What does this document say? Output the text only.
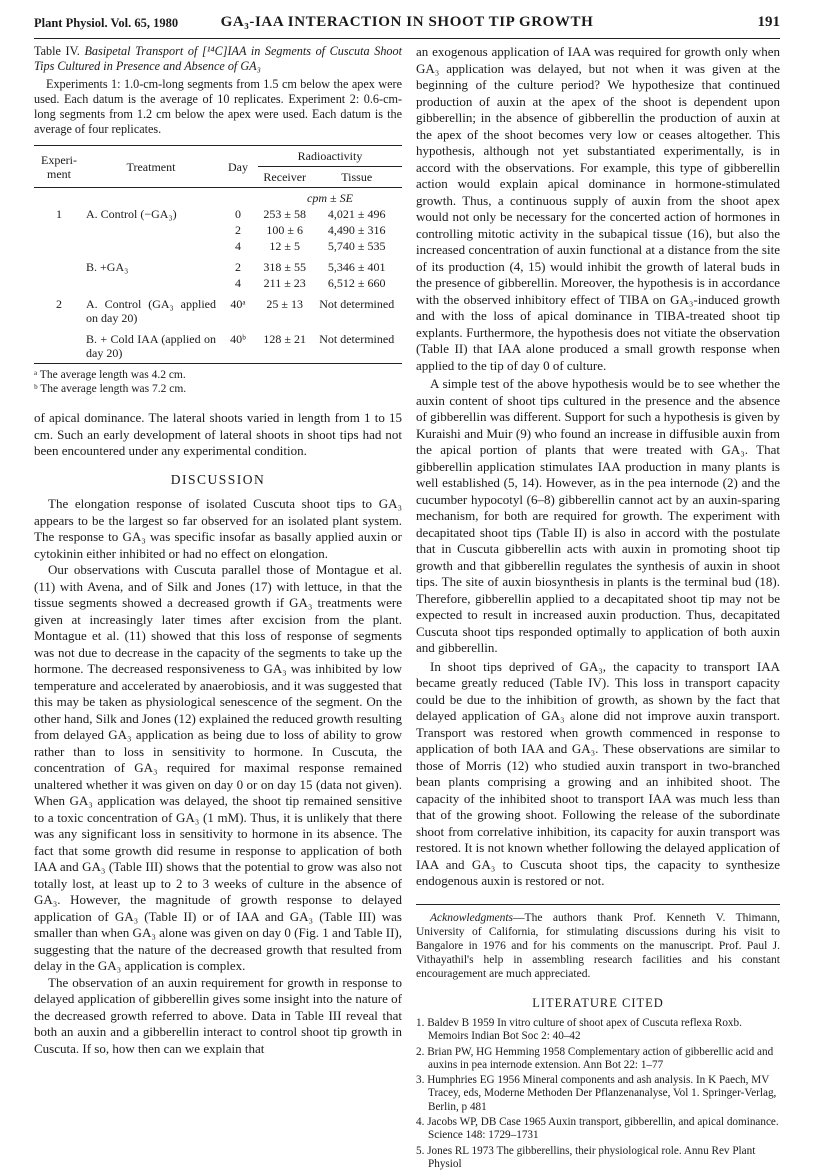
Plant Physiol. Vol. 65, 1980	GA₃-IAA INTERACTION IN SHOOT TIP GROWTH	191

Table IV. Basipetal Transport of [¹⁴C]IAA in Segments of Cuscuta Shoot Tips Cultured in Presence and Absence of GA₃

Experiments 1: 1.0-cm-long segments from 1.5 cm below the apex were used. Each datum is the average of 10 replicates. Experiment 2: 0.6-cm-long segments from 1.2 cm below the apex were used. Each datum is the average of four replicates.

Experi-ment	Treatment	Day	Radioactivity	
			Receiver	Tissue
			cpm ± SE	
1	A. Control (−GA₃)	0	253 ± 58	4,021 ± 496
		2	100 ± 6	4,490 ± 316
		4	12 ± 5	5,740 ± 535
	B. +GA₃	2	318 ± 55	5,346 ± 401
		4	211 ± 23	6,512 ± 660
2	A. Control (GA₃ applied on day 20)	40ᵃ	25 ± 13	Not determined
	B. + Cold IAA (applied on day 20)	40ᵇ	128 ± 21	Not determined
ᵃ The average length was 4.2 cm.
ᵇ The average length was 7.2 cm.

of apical dominance. The lateral shoots varied in length from 1 to 15 cm. Such an early development of lateral shoots in shoot tips had not been encountered under any experimental condition.

DISCUSSION

The elongation response of isolated Cuscuta shoot tips to GA₃ appears to be the largest so far observed for an isolated plant system. The response to GA₃ was specific insofar as basally applied auxin or cytokinin either inhibited or had no effect on elongation.

Our observations with Cuscuta parallel those of Montague et al. (11) with Avena, and of Silk and Jones (17) with lettuce, in that the tissue segments showed a decreased growth if GA₃ treatments were given at increasingly later times after excision from the plant. Montague et al. (11) showed that this loss of response of segments was not due to decrease in the capacity of the segments to take up the hormone. The decreased responsiveness to GA₃ was inhibited by low temperature and accelerated by anaerobiosis, and it was suggested that this may be taken as physiological senescence of the segment. On the other hand, Silk and Jones (12) explained the reduced growth resulting from delayed GA₃ application as being due to loss of ability to grow rather than to loss in sensitivity to hormone. In Cuscuta, the concentration of GA₃ required for maximal response remained unaltered whether it was given on day 0 or on day 15 (data not given). When GA₃ application was delayed, the shoot tip remained sensitive to a toxic concentration of GA₃ (1 mM). Thus, it is unlikely that there was any significant loss in sensitivity to hormone in its absence. The fact that some growth did resume in response to application of both IAA and GA₃ (Table III) shows that the potential to grow was also not totally lost, at least up to 2 to 3 weeks of culture in the absence of GA₃. However, the magnitude of growth response to delayed application of GA₃ (Table II) or of IAA and GA₃ (Table III) was smaller than when GA₃ alone was given on day 0 (Fig. 1 and Table II), suggesting that the nature of the decreased growth that resulted from delay in the GA₃ application is complex.

The observation of an auxin requirement for growth in response to delayed application of gibberellin gives some insight into the nature of the decreased growth referred to above. Data in Table III reveal that both an auxin and a gibberellin interact to control shoot tip growth in Cuscuta. If so, how then can we explain that

an exogenous application of IAA was required for growth only when GA₃ application was delayed, but not when it was given at the beginning of the culture period? We hypothesize that continued production of auxin at the apex of the shoot is dependent upon gibberellin; in the absence of gibberellin the production of auxin at the apex of the shoot becomes very low or ceases altogether. This hypothesis, although not yet substantiated experimentally, is in accord with the observations. For example, this type of gibberellin action would explain apical dominance in hormone-stimulated growth. Thus, a continuous supply of auxin from the shoot apex would not only be necessary for the concerted action of hormones in controlling mitotic activity in the subapical tissue (16), but also the increased concentration of auxin functional at a distance from the site of its production (4, 15) would inhibit the growth of lateral buds in the presence of gibberellin. Moreover, the hypothesis is in accordance with the observed inhibitory effect of TIBA on GA₃-induced growth and with the loss of apical dominance in TIBA-treated shoot tip explants. Furthermore, the hypothesis does not vitiate the observation (Table II) that IAA alone produced a small growth response when applied to the tip of day 0 of culture.

A simple test of the above hypothesis would be to see whether the auxin content of shoot tips cultured in the presence and the absence of gibberellin was different. Support for such a hypothesis is given by Kuraishi and Muir (9) who found an increase in diffusible auxin from the apical portion of plants that were treated with GA₃. That gibberellin application stimulates IAA production in many plants is well established (5, 14). However, as in the pea internode (2) and the cucumber hypocotyl (6–8) gibberellin cannot act by an auxin-sparing mechanism, for both are required for growth. The experiment with decapitated shoot tips (Table II) is also in accord with the postulate that in Cuscuta gibberellin acts with auxin in promoting shoot tip growth and that gibberellin regulates the synthesis of auxin in shoot tips. The site of auxin biosynthesis in plants is the terminal bud (18). Therefore, gibberellin applied to a decapitated shoot tip may not be expected to result in increased auxin production. Thus, decapitated Cuscuta shoot tips responded optimally to application of both auxin and gibberellin.

In shoot tips deprived of GA₃, the capacity to transport IAA became greatly reduced (Table IV). This loss in transport capacity could be due to the inhibition of growth, as shown by the fact that delayed application of GA₃ alone did not improve auxin transport. Transport was restored when growth commenced in response to application of both IAA and GA₃. These observations are similar to those of Morris (12) who studied auxin transport in two-branched bean plants comprising a growing and an inhibited shoot. The capacity of the inhibited shoot to transport IAA was much less than that of the growing shoot. Following the release of the subordinate shoot from correlative inhibition, its capacity for auxin transport was restored. It is not known whether following the delayed application of IAA and GA₃ to Cuscuta shoot tips, the capacity to synthesize endogenous auxin is restored or not.

Acknowledgments—The authors thank Prof. Kenneth V. Thimann, University of California, for stimulating discussions during his visit to Bangalore in 1976 and for his comments on the manuscript. Prof. Paul J. Vithayathil's help in assembling research facilities and his constant encouragement are much appreciated.
LITERATURE CITED
1. Baldev B 1959 In vitro culture of shoot apex of Cuscuta reflexa Roxb. Memoirs Indian Bot Soc 2: 40–42
2. Brian PW, HG Hemming 1958 Complementary action of gibberellic acid and auxins in pea internode extension. Ann Bot 22: 1–77
3. Humphries EG 1956 Mineral components and ash analysis. In K Paech, MV Tracey, eds, Moderne Methoden Der Pflanzenanalyse, Vol 1. Springer-Verlag, Berlin, p 481
4. Jacobs WP, DB Case 1965 Auxin transport, gibberellin, and apical dominance. Science 148: 1729–1731
5. Jones RL 1973 The gibberellins, their physiological role. Annu Rev Plant Physiol
